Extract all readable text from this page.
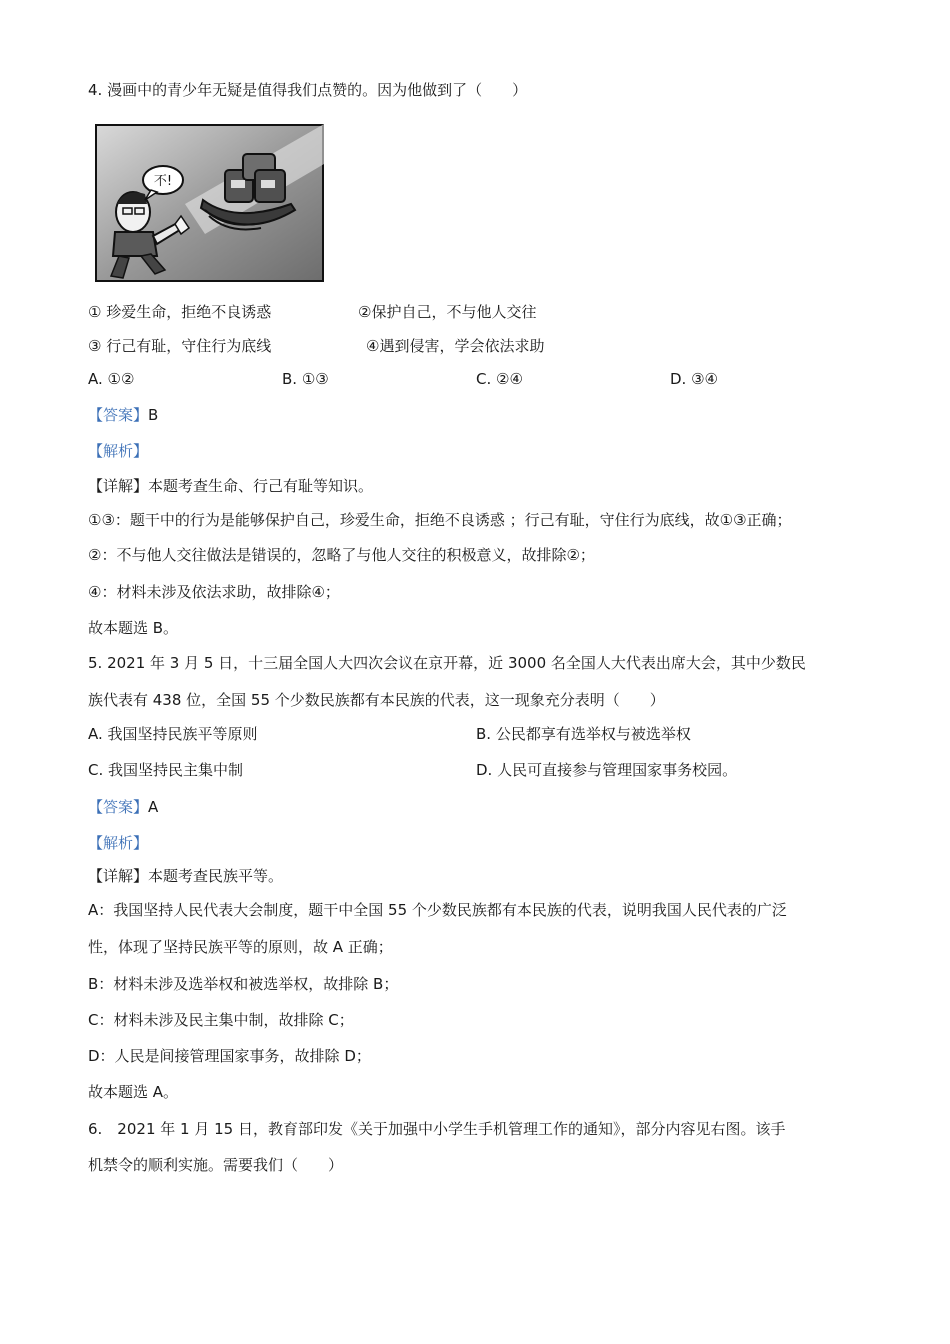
4. 漫画中的青少年无疑是值得我们点赞的。因为他做到了（　　）
不!
① 珍爱生命，拒绝不良诱惑	②保护自己，不与他人交往
③ 行己有耻，守住行为底线	④遇到侵害，学会依法求助
A. ①②	B. ①③	C. ②④	D. ③④
【答案】B
【解析】
【详解】本题考查生命、行己有耻等知识。
①③：题干中的行为是能够保护自己，珍爱生命，拒绝不良诱惑 ；行己有耻，守住行为底线，故①③正确；
②：不与他人交往做法是错误的，忽略了与他人交往的积极意义，故排除②；
④：材料未涉及依法求助，故排除④；
故本题选 B。
5. 2021 年 3 月 5 日，十三届全国人大四次会议在京开幕，近 3000 名全国人大代表出席大会，其中少数民
族代表有 438 位，全国 55 个少数民族都有本民族的代表，这一现象充分表明（　　）
A. 我国坚持民族平等原则	B. 公民都享有选举权与被选举权
C. 我国坚持民主集中制	D. 人民可直接参与管理国家事务校园。
【答案】A
【解析】
【详解】本题考查民族平等。
A：我国坚持人民代表大会制度，题干中全国 55 个少数民族都有本民族的代表，说明我国人民代表的广泛
性，体现了坚持民族平等的原则，故 A 正确；
B：材料未涉及选举权和被选举权，故排除 B；
C：材料未涉及民主集中制，故排除 C；
D：人民是间接管理国家事务，故排除 D；
故本题选 A。
6.　2021 年 1 月 15 日，教育部印发《关于加强中小学生手机管理工作的通知》，部分内容见右图。该手
机禁令的顺利实施。需要我们（　　）
